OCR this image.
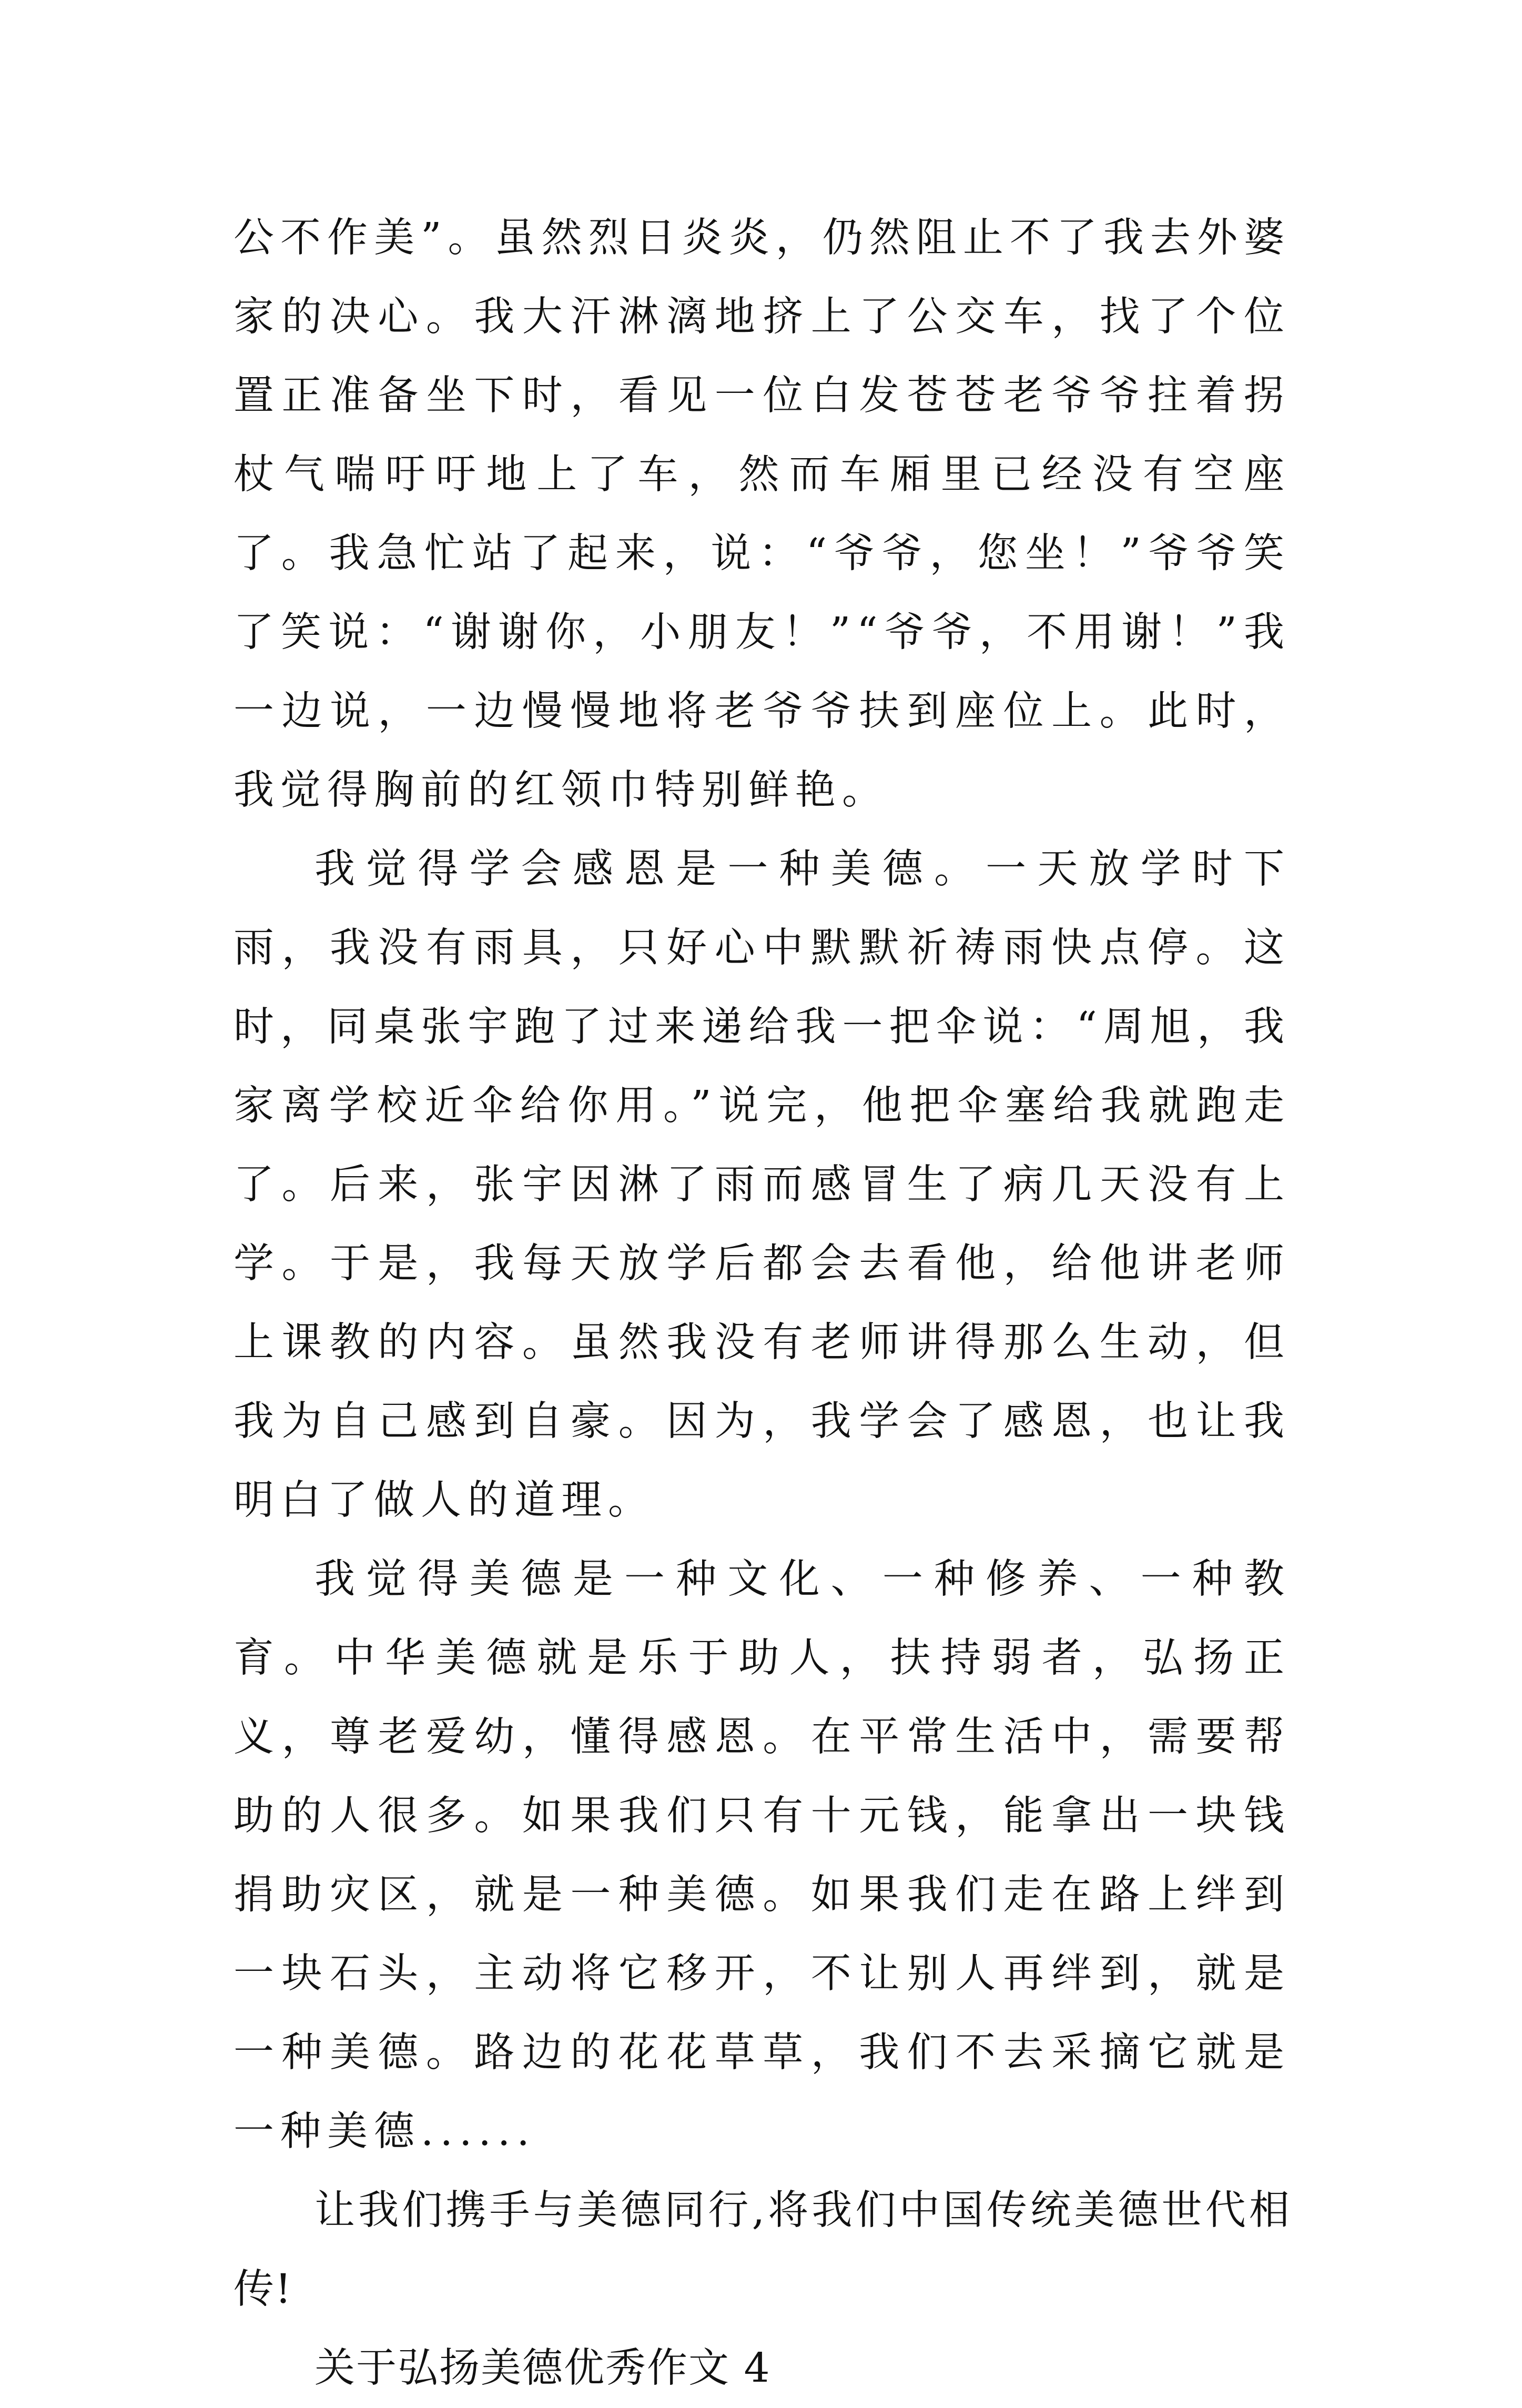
公不作美”。虽然烈日炎炎，仍然阻止不了我去外婆家的决心。我大汗淋漓地挤上了公交车，找了个位置正准备坐下时，看见一位白发苍苍老爷爷拄着拐杖气喘吁吁地上了车，然而车厢里已经没有空座了。我急忙站了起来，说：“爷爷，您坐！”爷爷笑了笑说：“谢谢你，小朋友！”“爷爷，不用谢！”我一边说，一边慢慢地将老爷爷扶到座位上。此时，我觉得胸前的红领巾特别鲜艳。

我觉得学会感恩是一种美德。一天放学时下雨，我没有雨具，只好心中默默祈祷雨快点停。这时，同桌张宇跑了过来递给我一把伞说：“周旭，我家离学校近伞给你用。”说完，他把伞塞给我就跑走了。后来，张宇因淋了雨而感冒生了病几天没有上学。于是，我每天放学后都会去看他，给他讲老师上课教的内容。虽然我没有老师讲得那么生动，但我为自己感到自豪。因为，我学会了感恩，也让我明白了做人的道理。

我觉得美德是一种文化、一种修养、一种教育。中华美德就是乐于助人，扶持弱者，弘扬正义，尊老爱幼，懂得感恩。在平常生活中，需要帮助的人很多。如果我们只有十元钱，能拿出一块钱捐助灾区，就是一种美德。如果我们走在路上绊到一块石头，主动将它移开，不让别人再绊到，就是一种美德。路边的花花草草，我们不去采摘它就是一种美德......

让我们携手与美德同行,将我们中国传统美德世代相传!

关于弘扬美德优秀作文 4
